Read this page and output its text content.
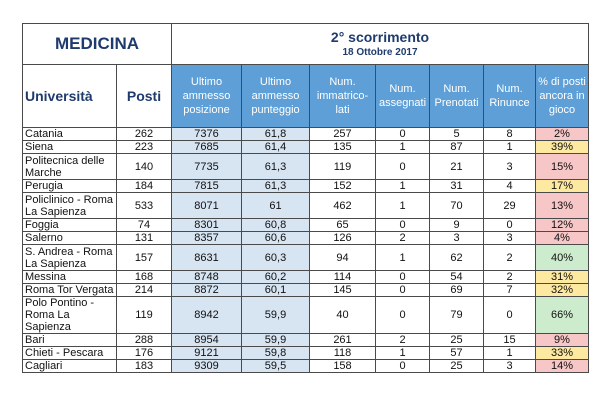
MEDICINA		2° scorrimento
18 Ottobre 2017						

Università	Posti	Ultimo ammesso posizione	Ultimo ammesso punteggio	Num. immatrico- lati	Num. assegnati	Num. Prenotati	Num. Rinunce	% di posti ancora in gioco
Catania	262	7376	61,8	257	0	5	8	2%
Siena	223	7685	61,4	135	1	87	1	39%
Politecnica delle Marche	140	7735	61,3	119	0	21	3	15%
Perugia	184	7815	61,3	152	1	31	4	17%
Policlinico - Roma La Sapienza	533	8071	61	462	1	70	29	13%
Foggia	74	8301	60,8	65	0	9	0	12%
Salerno	131	8357	60,6	126	2	3	3	4%
S. Andrea - Roma La Sapienza	157	8631	60,3	94	1	62	2	40%
Messina	168	8748	60,2	114	0	54	2	31%
Roma Tor Vergata	214	8872	60,1	145	0	69	7	32%
Polo Pontino - Roma La Sapienza	119	8942	59,9	40	0	79	0	66%
Bari	288	8954	59,9	261	2	25	15	9%
Chieti - Pescara	176	9121	59,8	118	1	57	1	33%
Cagliari	183	9309	59,5	158	0	25	3	14%
